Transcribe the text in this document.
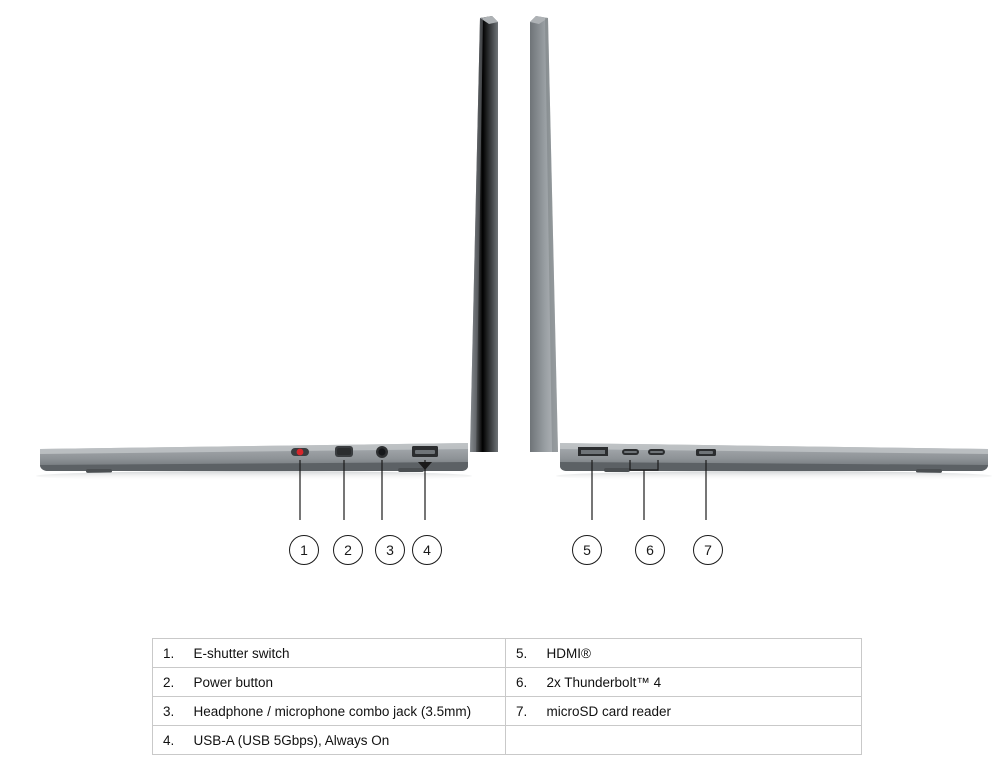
1	2 3 4	5	6	7
1.	E-shutter switch	5.	HDMI®
2.	Power button	6.	2x Thunderbolt™ 4
3.	Headphone / microphone combo jack (3.5mm)	7.	microSD card reader
4.	USB-A (USB 5Gbps), Always On		
